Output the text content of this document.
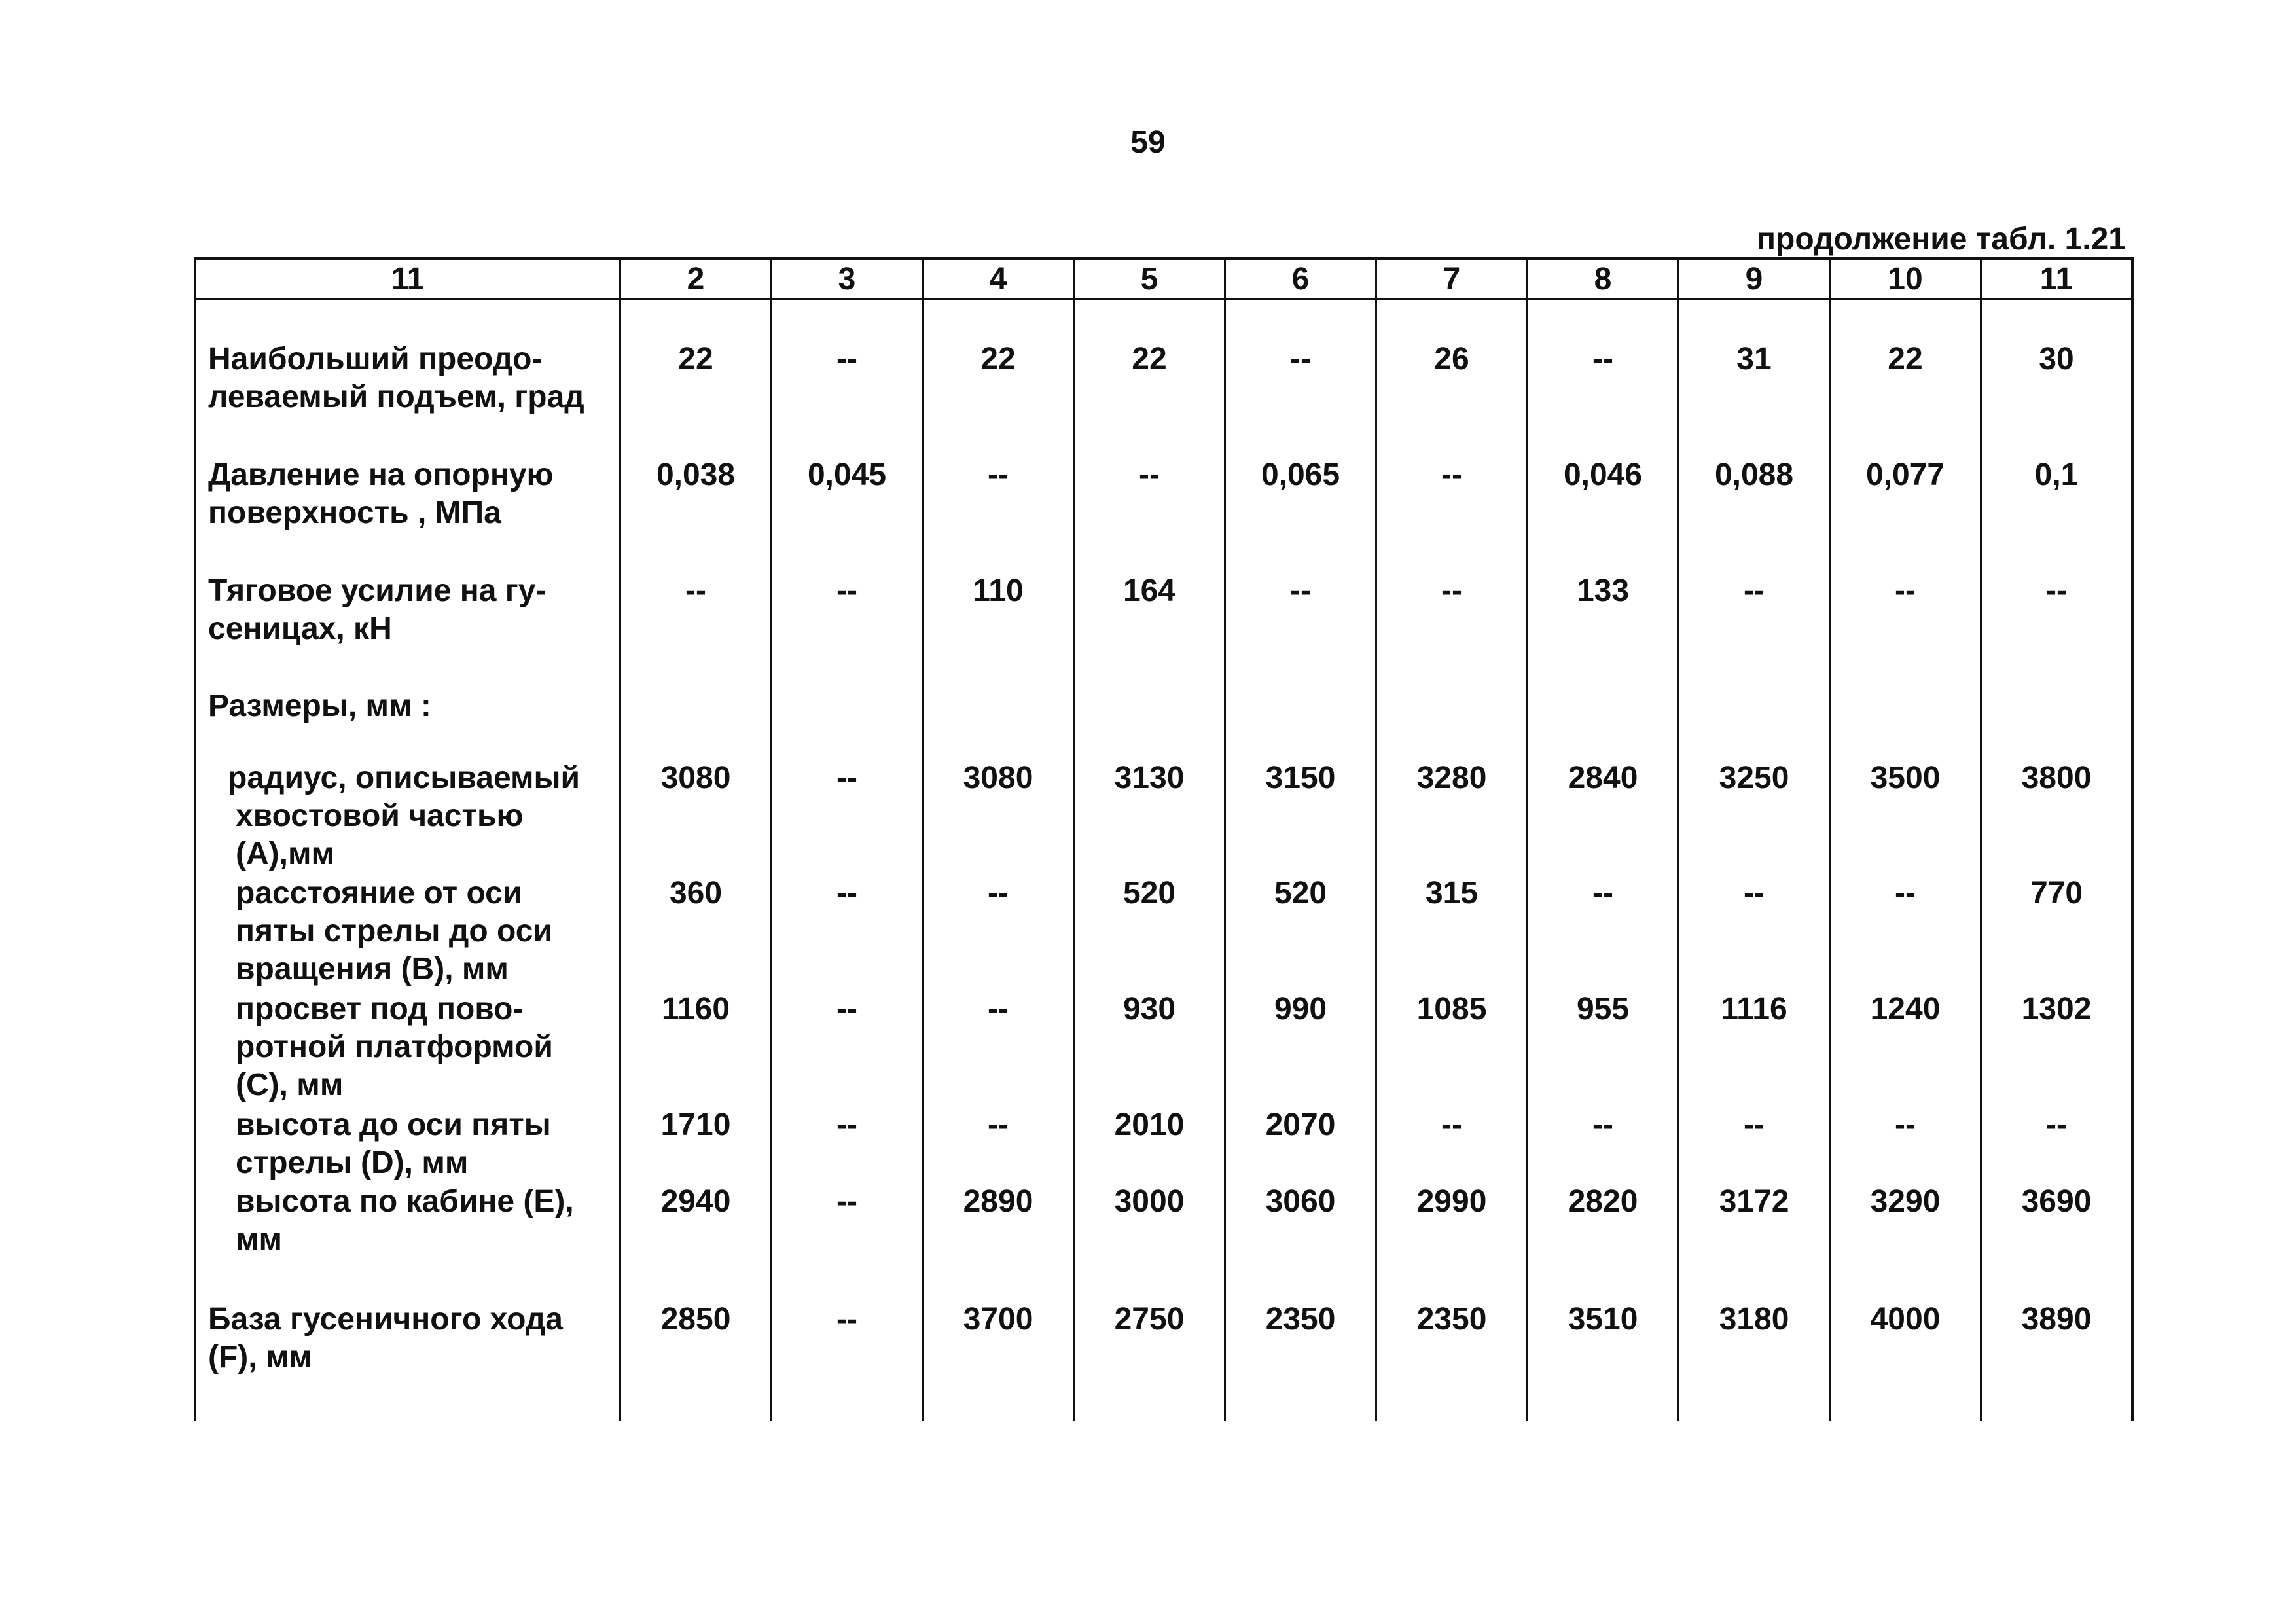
59
продолжение табл. 1.21
11	2	3	4	5	6	7	8	9	10	11
Наибольший преодо-
леваемый подъем, град
22	--	22	22	--	26	--	31	22	30
Давление на опорную
поверхность , МПа
0,038	0,045	--	--	0,065	--	0,046	0,088	0,077	0,1
Тяговое усилие на гу-
сеницах, кН
--	--	110	164	--	--	133	--	--	--
Размеры, мм :
радиус, описываемый
хвостовой частью
(А),мм
3080	--	3080	3130	3150	3280	2840	3250	3500	3800
расстояние от оси
пяты стрелы до оси
вращения (В), мм
360	--	--	520	520	315	--	--	--	770
просвет под пово-
ротной платформой
(С), мм
1160	--	--	930	990	1085	955	1116	1240	1302
высота до оси пяты
стрелы (D), мм
1710	--	--	2010	2070	--	--	--	--	--
высота по кабине (Е),
мм
2940	--	2890	3000	3060	2990	2820	3172	3290	3690
База гусеничного хода
(F), мм
2850	--	3700	2750	2350	2350	3510	3180	4000	3890
